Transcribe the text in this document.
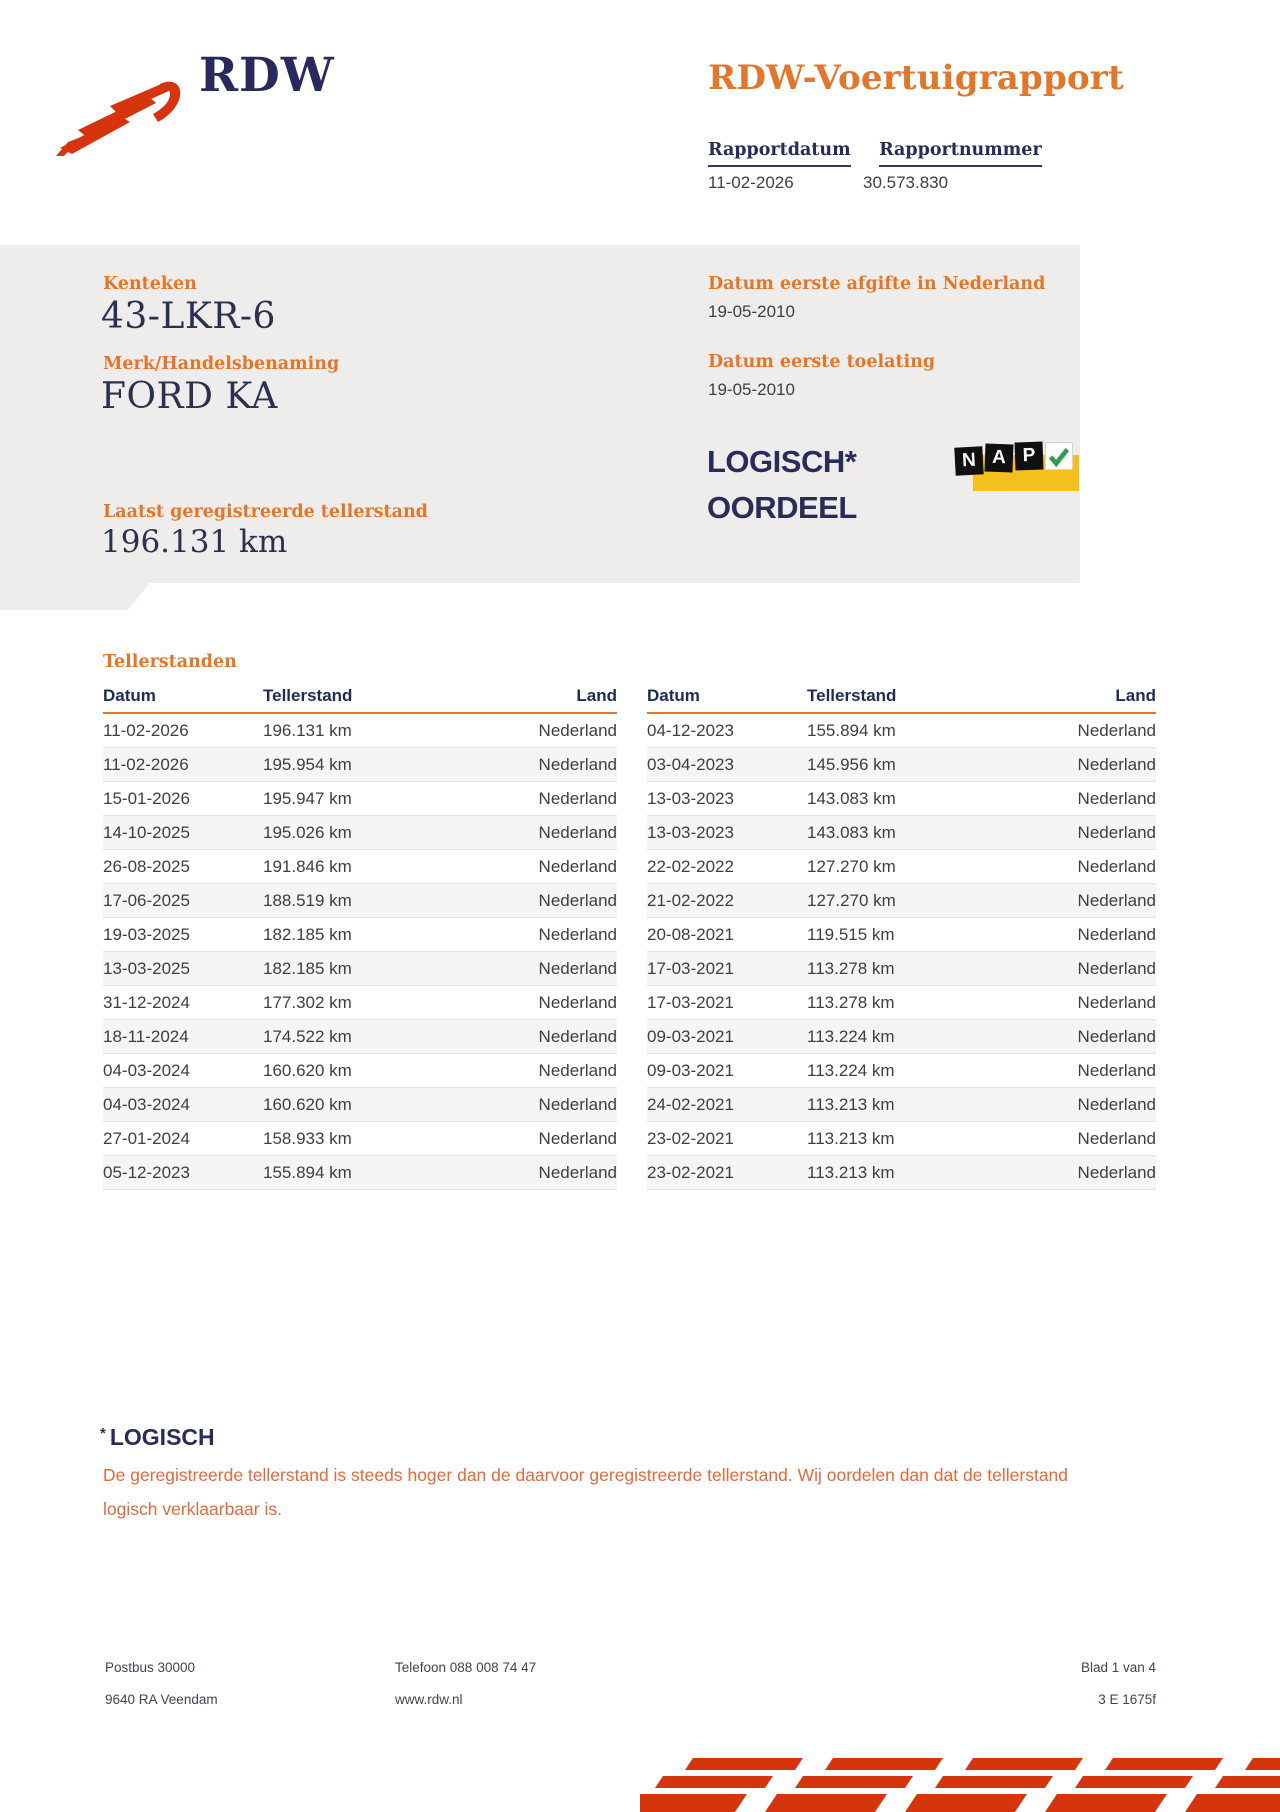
RDW	RDW-Voertuigrapport
Rapportdatum Rapportnummer
11-02-2026	30.573.830
Kenteken
43-LKR-6
Merk/Handelsbenaming
FORD KA
Laatst geregistreerde tellerstand
196.131 km
Datum eerste afgifte in Nederland
19-05-2010
Datum eerste toelating
19-05-2010
LOGISCH*
OORDEEL
N A P
Tellerstanden
Datum	Tellerstand	Land
11-02-2026	196.131 km	Nederland
11-02-2026	195.954 km	Nederland
15-01-2026	195.947 km	Nederland
14-10-2025	195.026 km	Nederland
26-08-2025	191.846 km	Nederland
17-06-2025	188.519 km	Nederland
19-03-2025	182.185 km	Nederland
13-03-2025	182.185 km	Nederland
31-12-2024	177.302 km	Nederland
18-11-2024	174.522 km	Nederland
04-03-2024	160.620 km	Nederland
04-03-2024	160.620 km	Nederland
27-01-2024	158.933 km	Nederland
05-12-2023	155.894 km	Nederland
Datum	Tellerstand	Land
04-12-2023	155.894 km	Nederland
03-04-2023	145.956 km	Nederland
13-03-2023	143.083 km	Nederland
13-03-2023	143.083 km	Nederland
22-02-2022	127.270 km	Nederland
21-02-2022	127.270 km	Nederland
20-08-2021	119.515 km	Nederland
17-03-2021	113.278 km	Nederland
17-03-2021	113.278 km	Nederland
09-03-2021	113.224 km	Nederland
09-03-2021	113.224 km	Nederland
24-02-2021	113.213 km	Nederland
23-02-2021	113.213 km	Nederland
23-02-2021	113.213 km	Nederland
* LOGISCH
De geregistreerde tellerstand is steeds hoger dan de daarvoor geregistreerde tellerstand. Wij oordelen dan dat de tellerstand logisch verklaarbaar is.
Postbus 30000
9640 RA Veendam
Telefoon 088 008 74 47
www.rdw.nl
Blad 1 van 4
3 E 1675f
